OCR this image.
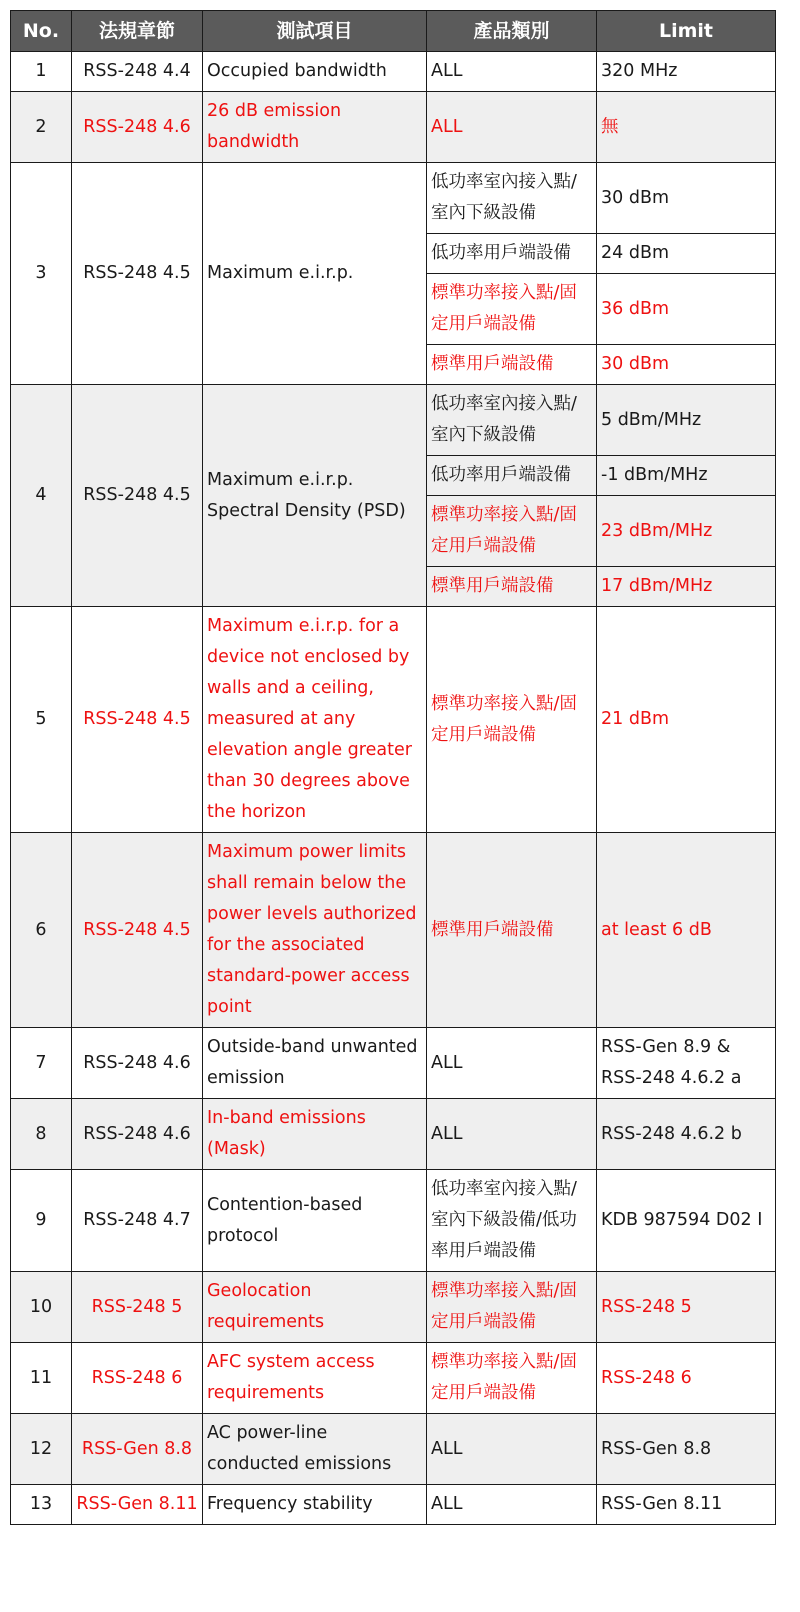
No.	法規章節	測試項目	產品類別	Limit
1	RSS-248 4.4	Occupied bandwidth	ALL	320 MHz
2	RSS-248 4.6	26 dB emission bandwidth	ALL	無
3	RSS-248 4.5	Maximum e.i.r.p.	低功率室內接入點/室內下級設備	30 dBm
			低功率用戶端設備	24 dBm
			標準功率接入點/固定用戶端設備	36 dBm
			標準用戶端設備	30 dBm
4	RSS-248 4.5	Maximum e.i.r.p. Spectral Density (PSD)	低功率室內接入點/室內下級設備	5 dBm/MHz
			低功率用戶端設備	-1 dBm/MHz
			標準功率接入點/固定用戶端設備	23 dBm/MHz
			標準用戶端設備	17 dBm/MHz
5	RSS-248 4.5	Maximum e.i.r.p. for a device not enclosed by walls and a ceiling, measured at any elevation angle greater than 30 degrees above the horizon	標準功率接入點/固定用戶端設備	21 dBm
6	RSS-248 4.5	Maximum power limits shall remain below the power levels authorized for the associated standard-power access point	標準用戶端設備	at least 6 dB
7	RSS-248 4.6	Outside-band unwanted emission	ALL	RSS-Gen 8.9 & RSS-248 4.6.2 a
8	RSS-248 4.6	In-band emissions (Mask)	ALL	RSS-248 4.6.2 b
9	RSS-248 4.7	Contention-based protocol	低功率室內接入點/室內下級設備/低功率用戶端設備	KDB 987594 D02 I
10	RSS-248 5	Geolocation requirements	標準功率接入點/固定用戶端設備	RSS-248 5
11	RSS-248 6	AFC system access requirements	標準功率接入點/固定用戶端設備	RSS-248 6
12	RSS-Gen 8.8	AC power-line conducted emissions	ALL	RSS-Gen 8.8
13	RSS-Gen 8.11	Frequency stability	ALL	RSS-Gen 8.11
